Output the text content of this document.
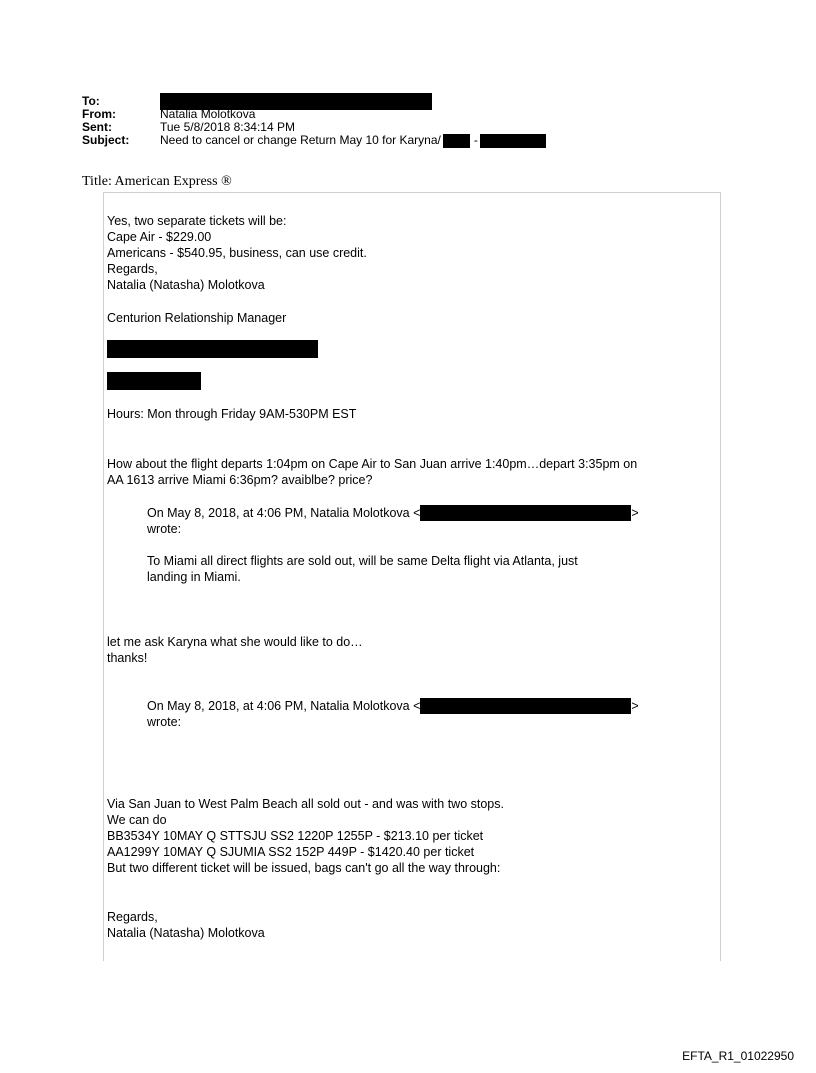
To:
From:	Natalia Molotkova
Sent:	Tue 5/8/2018 8:34:14 PM
Subject:	Need to cancel or change Return May 10 for Karyna/	-
Title: American Express ®
Yes, two separate tickets will be:
Cape Air - $229.00
Americans - $540.95, business, can use credit.
Regards,
Natalia (Natasha) Molotkova
Centurion Relationship Manager
Hours: Mon through Friday 9AM-530PM EST
How about the flight departs 1:04pm on Cape Air to San Juan arrive 1:40pm…depart 3:35pm on
AA 1613 arrive Miami 6:36pm? avaiblbe? price?
On May 8, 2018, at 4:06 PM, Natalia Molotkova <	>
wrote:
To Miami all direct flights are sold out, will be same Delta flight via Atlanta, just
landing in Miami.
let me ask Karyna what she would like to do…
thanks!
On May 8, 2018, at 4:06 PM, Natalia Molotkova <	>
wrote:
Via San Juan to West Palm Beach all sold out - and was with two stops.
We can do
BB3534Y 10MAY Q STTSJU SS2 1220P 1255P - $213.10 per ticket
AA1299Y 10MAY Q SJUMIA SS2 152P 449P - $1420.40 per ticket
But two different ticket will be issued, bags can't go all the way through:
Regards,
Natalia (Natasha) Molotkova
EFTA_R1_01022950
